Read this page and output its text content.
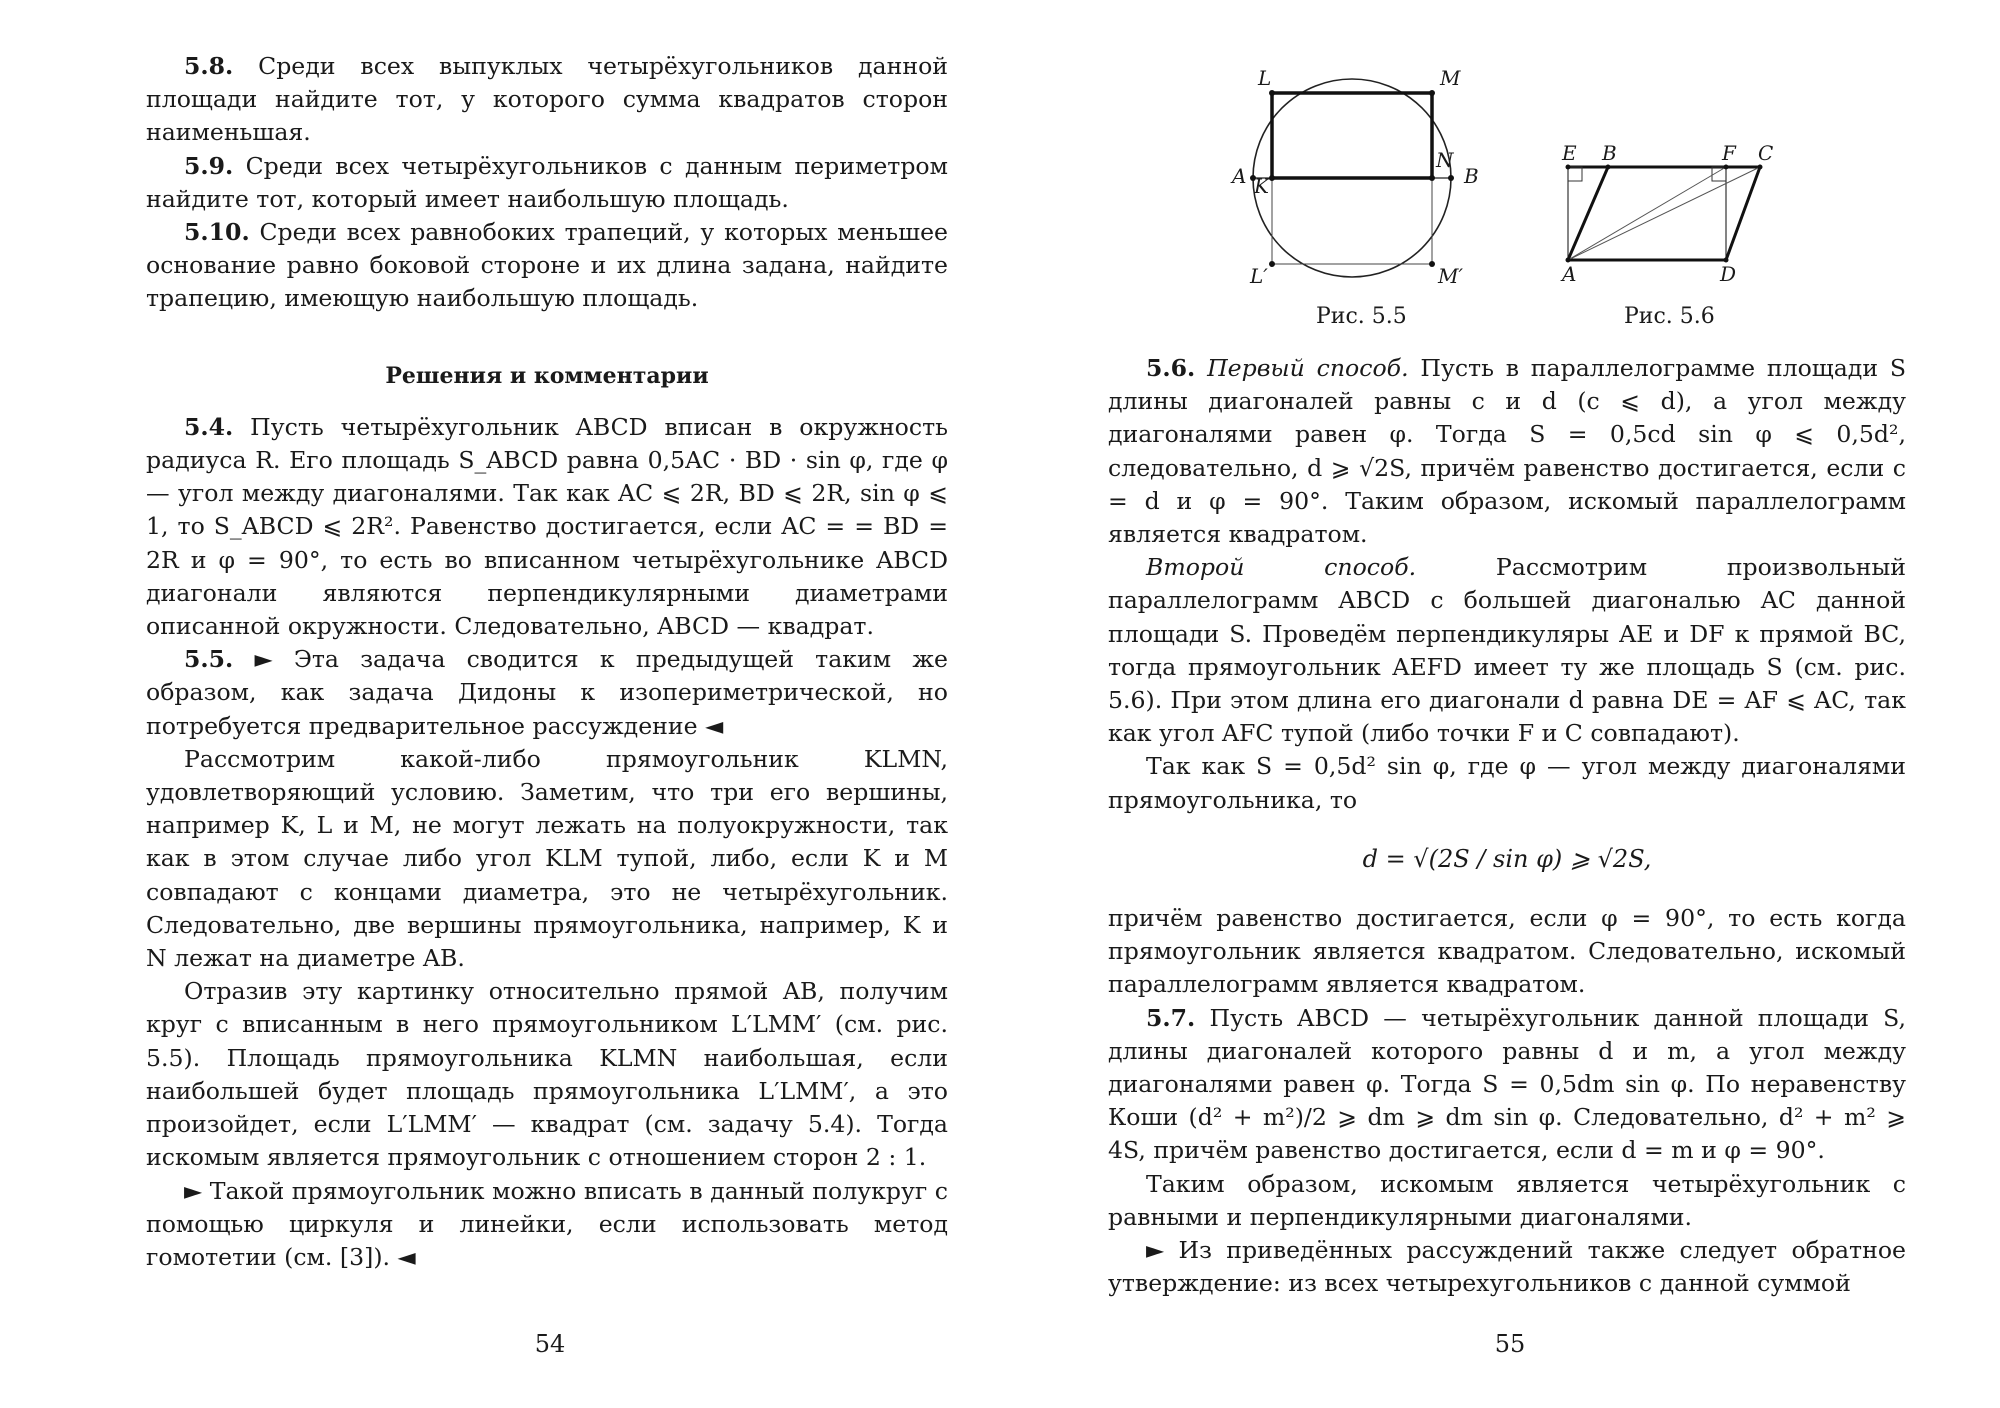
5.8. Среди всех выпуклых четырёхугольников данной площади найдите тот, у которого сумма квадратов сторон наименьшая.

5.9. Среди всех четырёхугольников с данным периметром найдите тот, который имеет наибольшую площадь.

5.10. Среди всех равнобоких трапеций, у которых меньшее основание равно боковой стороне и их длина задана, найдите трапецию, имеющую наибольшую площадь.

Решения и комментарии

5.4. Пусть четырёхугольник ABCD вписан в окружность радиуса R. Его площадь S_ABCD равна 0,5AC · BD · sin φ, где φ — угол между диагоналями. Так как AC ⩽ 2R, BD ⩽ 2R, sin φ ⩽ 1, то S_ABCD ⩽ 2R². Равенство достигается, если AC = = BD = 2R и φ = 90°, то есть во вписанном четырёхугольнике ABCD диагонали являются перпендикулярными диаметрами описанной окружности. Следовательно, ABCD — квадрат.

5.5. ► Эта задача сводится к предыдущей таким же образом, как задача Дидоны к изопериметрической, но потребуется предварительное рассуждение ◄

Рассмотрим какой-либо прямоугольник KLMN, удовлетворяющий условию. Заметим, что три его вершины, например K, L и M, не могут лежать на полуокружности, так как в этом случае либо угол KLM тупой, либо, если K и M совпадают с концами диаметра, это не четырёхугольник. Следовательно, две вершины прямоугольника, например, K и N лежат на диаметре AB.

Отразив эту картинку относительно прямой AB, получим круг с вписанным в него прямоугольником L′LMM′ (см. рис. 5.5). Площадь прямоугольника KLMN наибольшая, если наибольшей будет площадь прямоугольника L′LMM′, а это произойдет, если L′LMM′ — квадрат (см. задачу 5.4). Тогда искомым является прямоугольник с отношением сторон 2 : 1.

► Такой прямоугольник можно вписать в данный полукруг с помощью циркуля и линейки, если использовать метод гомотетии (см. [3]). ◄

54
L	M
A	B
K
N
L′	M′
Рис. 5.5
E B	F C
A	D
Рис. 5.6

5.6. Первый способ. Пусть в параллелограмме площади S длины диагоналей равны c и d (c ⩽ d), а угол между диагоналями равен φ. Тогда S = 0,5cd sin φ ⩽ 0,5d², следовательно, d ⩾ √2S, причём равенство достигается, если c = d и φ = 90°. Таким образом, искомый параллелограмм является квадратом.

Второй способ.	Рассмотрим произвольный параллелограмм ABCD с большей диагональю AC данной площади S. Проведём перпендикуляры AE и DF к прямой BC, тогда прямоугольник AEFD имеет ту же площадь S (см. рис. 5.6). При этом длина его диагонали d равна DE = AF ⩽ AC, так как угол AFC тупой (либо точки F и C совпадают).

Так как S = 0,5d² sin φ, где φ — угол между диагоналями прямоугольника, то

d = √(2S / sin φ) ⩾ √2S,

причём равенство достигается, если φ = 90°, то есть когда прямоугольник является квадратом. Следовательно, искомый параллелограмм является квадратом.

5.7. Пусть ABCD — четырёхугольник данной площади S, длины диагоналей которого равны d и m, а угол между диагоналями равен φ. Тогда S = 0,5dm sin φ. По неравенству Коши (d² + m²)/2 ⩾ dm ⩾ dm sin φ. Следовательно, d² + m² ⩾ 4S, причём равенство достигается, если d = m и φ = 90°.

Таким образом, искомым является четырёхугольник с равными и перпендикулярными диагоналями.

► Из приведённых рассуждений также следует обратное утверждение: из всех четырехугольников с данной суммой

55
